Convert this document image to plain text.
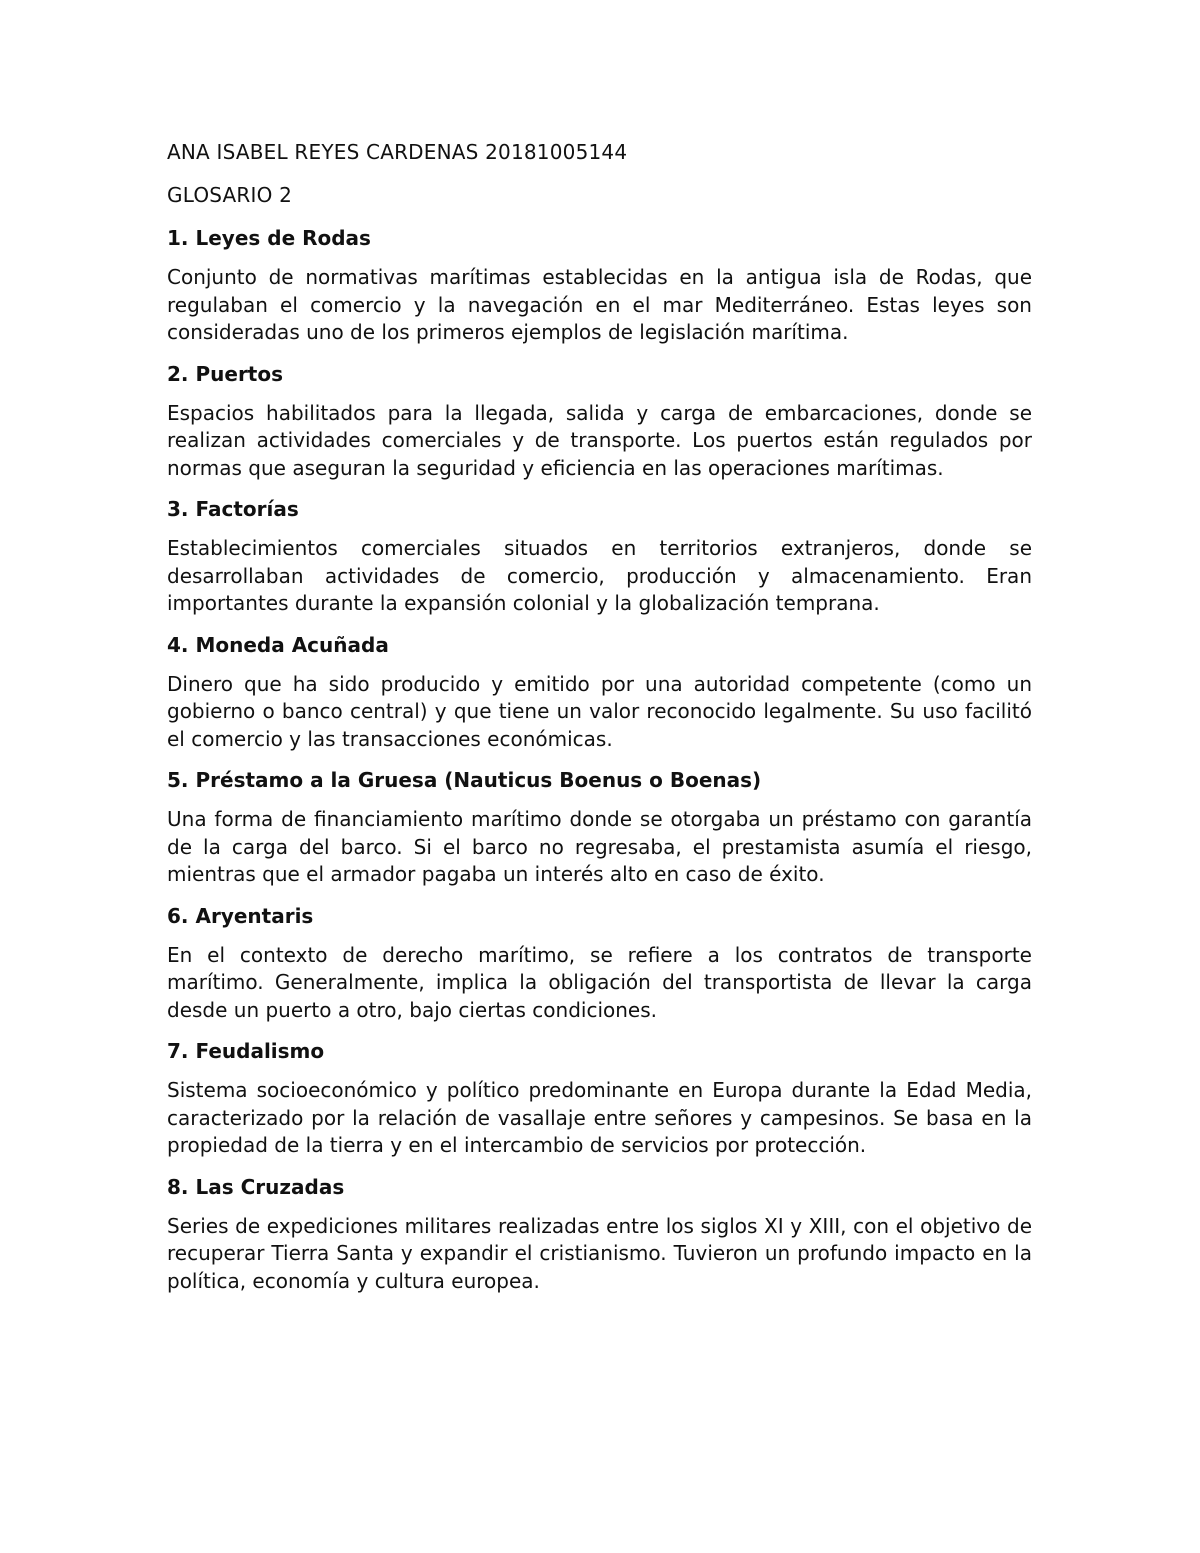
ANA ISABEL REYES CARDENAS 20181005144

GLOSARIO 2

1. Leyes de Rodas

Conjunto de normativas marítimas establecidas en la antigua isla de Rodas, que regulaban el comercio y la navegación en el mar Mediterráneo. Estas leyes son consideradas uno de los primeros ejemplos de legislación marítima.

2. Puertos

Espacios habilitados para la llegada, salida y carga de embarcaciones, donde se realizan actividades comerciales y de transporte. Los puertos están regulados por normas que aseguran la seguridad y eficiencia en las operaciones marítimas.

3. Factorías

Establecimientos comerciales situados en territorios extranjeros, donde se desarrollaban actividades de comercio, producción y almacenamiento. Eran importantes durante la expansión colonial y la globalización temprana.

4. Moneda Acuñada

Dinero que ha sido producido y emitido por una autoridad competente (como un gobierno o banco central) y que tiene un valor reconocido legalmente. Su uso facilitó el comercio y las transacciones económicas.

5. Préstamo a la Gruesa (Nauticus Boenus o Boenas)

Una forma de financiamiento marítimo donde se otorgaba un préstamo con garantía de la carga del barco. Si el barco no regresaba, el prestamista asumía el riesgo, mientras que el armador pagaba un interés alto en caso de éxito.

6. Aryentaris

En el contexto de derecho marítimo, se refiere a los contratos de transporte marítimo. Generalmente, implica la obligación del transportista de llevar la carga desde un puerto a otro, bajo ciertas condiciones.

7. Feudalismo

Sistema socioeconómico y político predominante en Europa durante la Edad Media, caracterizado por la relación de vasallaje entre señores y campesinos. Se basa en la propiedad de la tierra y en el intercambio de servicios por protección.

8. Las Cruzadas

Series de expediciones militares realizadas entre los siglos XI y XIII, con el objetivo de recuperar Tierra Santa y expandir el cristianismo. Tuvieron un profundo impacto en la política, economía y cultura europea.
